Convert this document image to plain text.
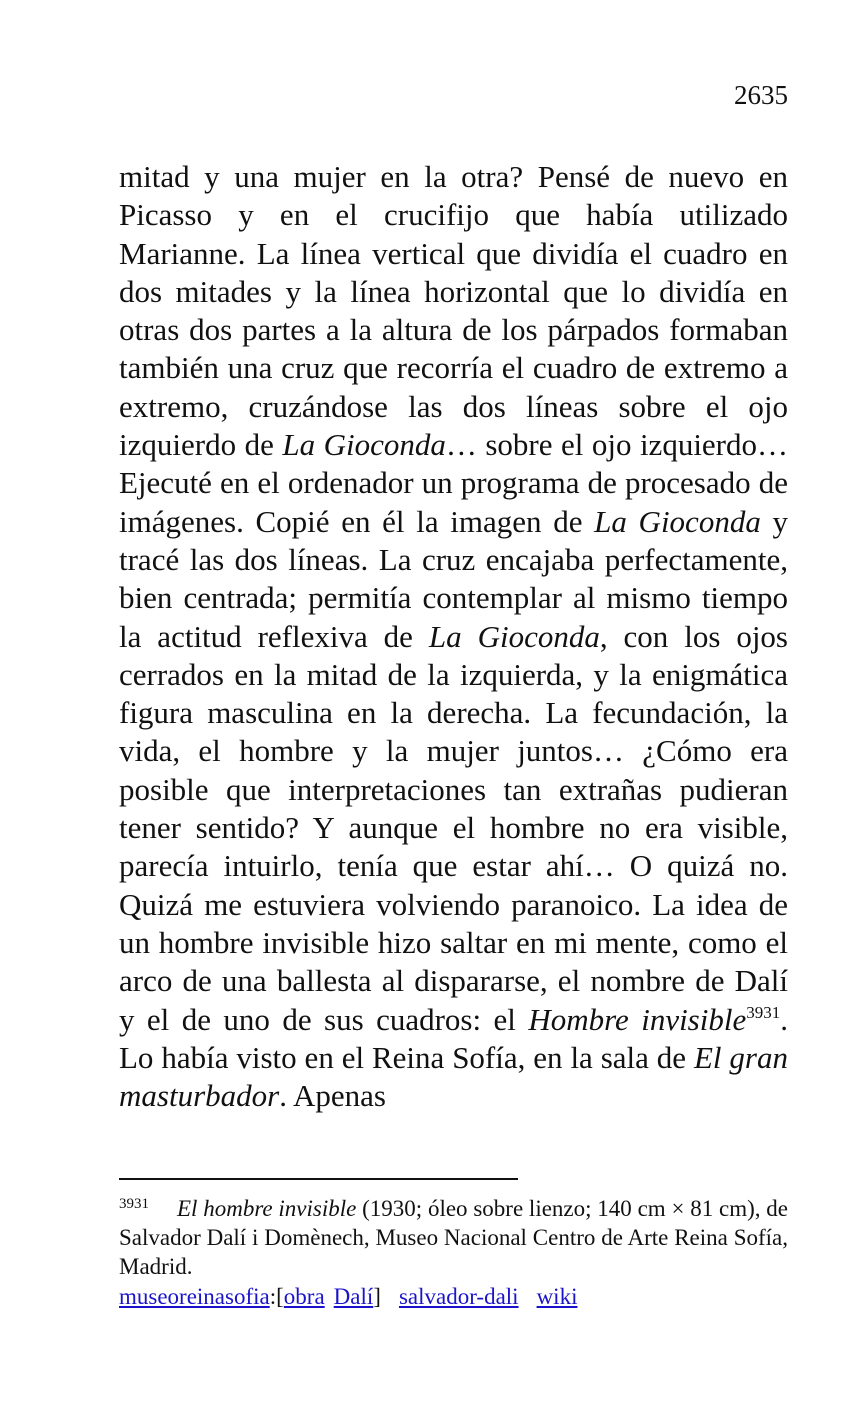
2635

mitad y una mujer en la otra? Pensé de nuevo en Picasso y en el crucifijo que había utilizado Marianne. La línea vertical que dividía el cuadro en dos mitades y la línea horizontal que lo dividía en otras dos partes a la altura de los párpados formaban también una cruz que recorría el cuadro de extremo a extremo, cruzándose las dos líneas sobre el ojo izquierdo de La Gioconda… sobre el ojo izquierdo… Ejecuté en el ordenador un programa de procesado de imágenes. Copié en él la imagen de La Gioconda y tracé las dos líneas. La cruz encajaba perfectamente, bien centrada; permitía contemplar al mismo tiempo la actitud reflexiva de La Gioconda, con los ojos cerrados en la mitad de la izquierda, y la enigmática figura masculina en la derecha. La fecundación, la vida, el hombre y la mujer juntos… ¿Cómo era posible que interpretaciones tan extrañas pudieran tener sentido? Y aunque el hombre no era visible, parecía intuirlo, tenía que estar ahí… O quizá no. Quizá me estuviera volviendo paranoico. La idea de un hombre invisible hizo saltar en mi mente, como el arco de una ballesta al dispararse, el nombre de Dalí y el de uno de sus cuadros: el Hombre invisible$^{3931}$. Lo había visto en el Reina Sofía, en la sala de El gran masturbador. Apenas

$^{3931}$ El hombre invisible (1930; óleo sobre lienzo; 140 cm × 81 cm), de Salvador Dalí i Domènech, Museo Nacional Centro de Arte Reina Sofía, Madrid.

museoreinasofia:[obra Dalí] salvador-dali wiki
